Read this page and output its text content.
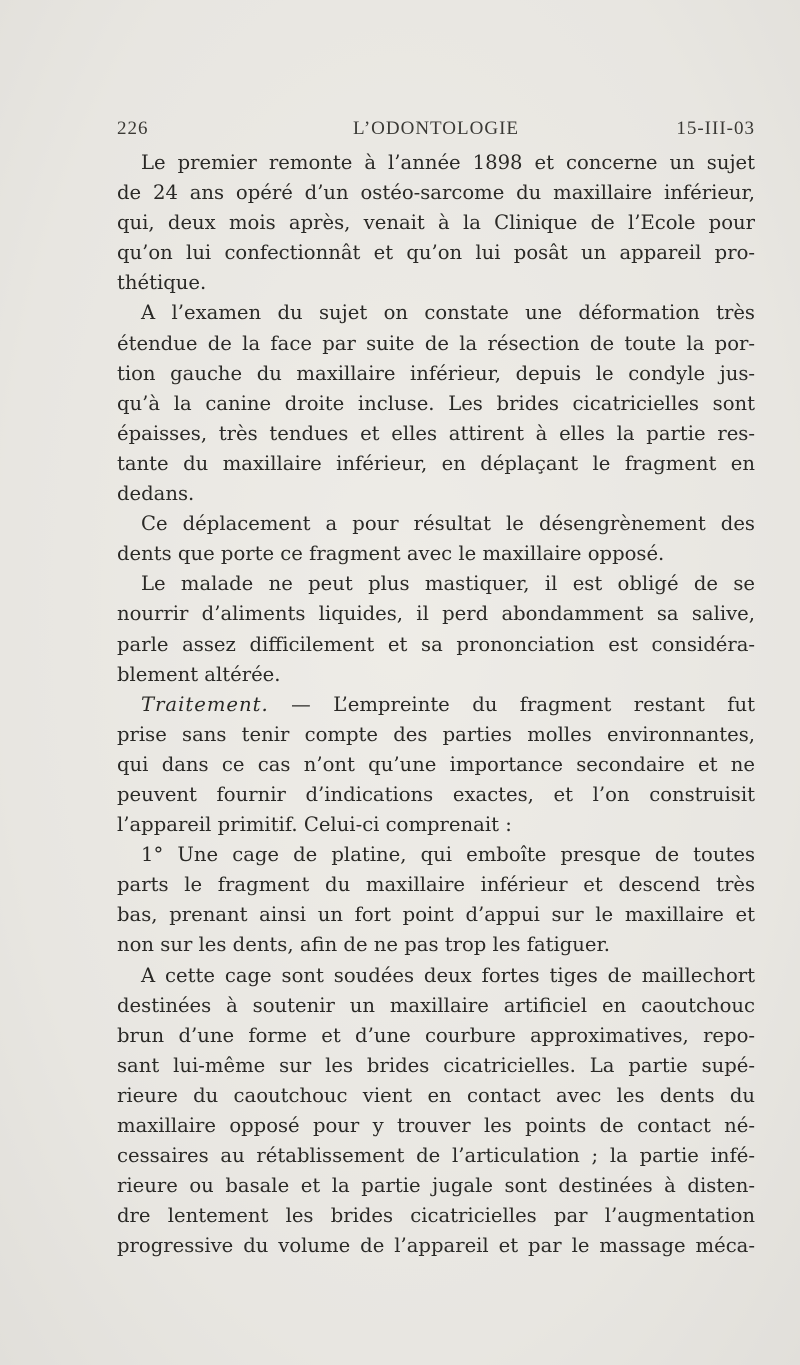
226	L’ODONTOLOGIE	15-III-03

Le premier remonte à l’année 1898 et concerne un sujet
de 24 ans opéré d’un ostéo-sarcome du maxillaire inférieur,
qui, deux mois après, venait à la Clinique de l’Ecole pour
qu’on lui confectionnât et qu’on lui posât un appareil pro-
thétique.

A l’examen du sujet on constate une déformation très
étendue de la face par suite de la résection de toute la por-
tion gauche du maxillaire inférieur, depuis le condyle jus-
qu’à la canine droite incluse. Les brides cicatricielles sont
épaisses, très tendues et elles attirent à elles la partie res-
tante du maxillaire inférieur, en déplaçant le fragment en
dedans.

Ce déplacement a pour résultat le désengrènement des
dents que porte ce fragment avec le maxillaire opposé.

Le malade ne peut plus mastiquer, il est obligé de se
nourrir d’aliments liquides, il perd abondamment sa salive,
parle assez difficilement et sa prononciation est considéra-
blement altérée.

Traitement. — L’empreinte du fragment restant fut
prise sans tenir compte des parties molles environnantes,
qui dans ce cas n’ont qu’une importance secondaire et ne
peuvent fournir d’indications exactes, et l’on construisit
l’appareil primitif. Celui-ci comprenait :

1° Une cage de platine, qui emboîte presque de toutes
parts le fragment du maxillaire inférieur et descend très
bas, prenant ainsi un fort point d’appui sur le maxillaire et
non sur les dents, afin de ne pas trop les fatiguer.

A cette cage sont soudées deux fortes tiges de maillechort
destinées à soutenir un maxillaire artificiel en caoutchouc
brun d’une forme et d’une courbure approximatives, repo-
sant lui-même sur les brides cicatricielles. La partie supé-
rieure du caoutchouc vient en contact avec les dents du
maxillaire opposé pour y trouver les points de contact né-
cessaires au rétablissement de l’articulation ; la partie infé-
rieure ou basale et la partie jugale sont destinées à disten-
dre lentement les brides cicatricielles par l’augmentation
progressive du volume de l’appareil et par le massage méca-
